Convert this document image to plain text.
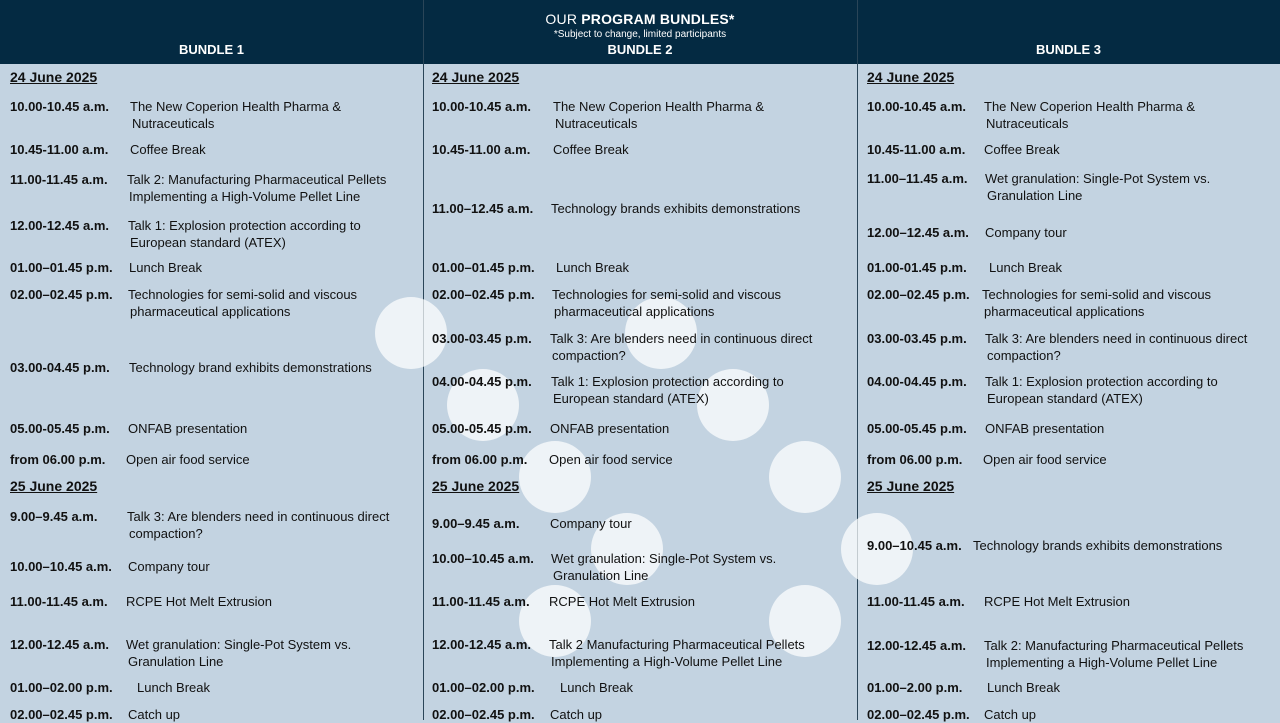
OUR PROGRAM BUNDLES*
*Subject to change, limited participants
BUNDLE 1	BUNDLE 2	BUNDLE 3
24 June 2025
10.00-10.45 a.m. The New Coperion Health Pharma &
Nutraceuticals
10.45-11.00 a.m. Coffee Break
11.00-11.45 a.m. Talk 2: Manufacturing Pharmaceutical Pellets
Implementing a High-Volume Pellet Line
12.00-12.45 a.m. Talk 1: Explosion protection according to
European standard (ATEX)
01.00–01.45 p.m. Lunch Break
02.00–02.45 p.m. Technologies for semi-solid and viscous
pharmaceutical applications
03.00-04.45 p.m. Technology brand exhibits demonstrations
05.00-05.45 p.m. ONFAB presentation
from 06.00 p.m. Open air food service
25 June 2025
9.00–9.45 a.m. Talk 3: Are blenders need in continuous direct
compaction?
10.00–10.45 a.m. Company tour
11.00-11.45 a.m. RCPE Hot Melt Extrusion
12.00-12.45 a.m. Wet granulation: Single-Pot System vs.
Granulation Line
01.00–02.00 p.m. Lunch Break
02.00–02.45 p.m. Catch up
24 June 2025
10.00-10.45 a.m. The New Coperion Health Pharma &
Nutraceuticals
10.45-11.00 a.m. Coffee Break
11.00–12.45 a.m. Technology brands exhibits demonstrations
01.00–01.45 p.m. Lunch Break
02.00–02.45 p.m. Technologies for semi-solid and viscous
pharmaceutical applications
03.00-03.45 p.m. Talk 3: Are blenders need in continuous direct
compaction?
04.00-04.45 p.m. Talk 1: Explosion protection according to
European standard (ATEX)
05.00-05.45 p.m. ONFAB presentation
from 06.00 p.m. Open air food service
25 June 2025
9.00–9.45 a.m. Company tour
10.00–10.45 a.m. Wet granulation: Single-Pot System vs.
Granulation Line
11.00-11.45 a.m. RCPE Hot Melt Extrusion
12.00-12.45 a.m. Talk 2 Manufacturing Pharmaceutical Pellets
Implementing a High-Volume Pellet Line
01.00–02.00 p.m. Lunch Break
02.00–02.45 p.m. Catch up
24 June 2025
10.00-10.45 a.m. The New Coperion Health Pharma &
Nutraceuticals
10.45-11.00 a.m. Coffee Break
11.00–11.45 a.m. Wet granulation: Single-Pot System vs.
Granulation Line
12.00–12.45 a.m. Company tour
01.00-01.45 p.m. Lunch Break
02.00–02.45 p.m. Technologies for semi-solid and viscous
pharmaceutical applications
03.00-03.45 p.m. Talk 3: Are blenders need in continuous direct
compaction?
04.00-04.45 p.m. Talk 1: Explosion protection according to
European standard (ATEX)
05.00-05.45 p.m. ONFAB presentation
from 06.00 p.m. Open air food service
25 June 2025
9.00–10.45 a.m. Technology brands exhibits demonstrations
11.00-11.45 a.m. RCPE Hot Melt Extrusion
12.00-12.45 a.m. Talk 2: Manufacturing Pharmaceutical Pellets
Implementing a High-Volume Pellet Line
01.00–2.00 p.m. Lunch Break
02.00–02.45 p.m. Catch up
